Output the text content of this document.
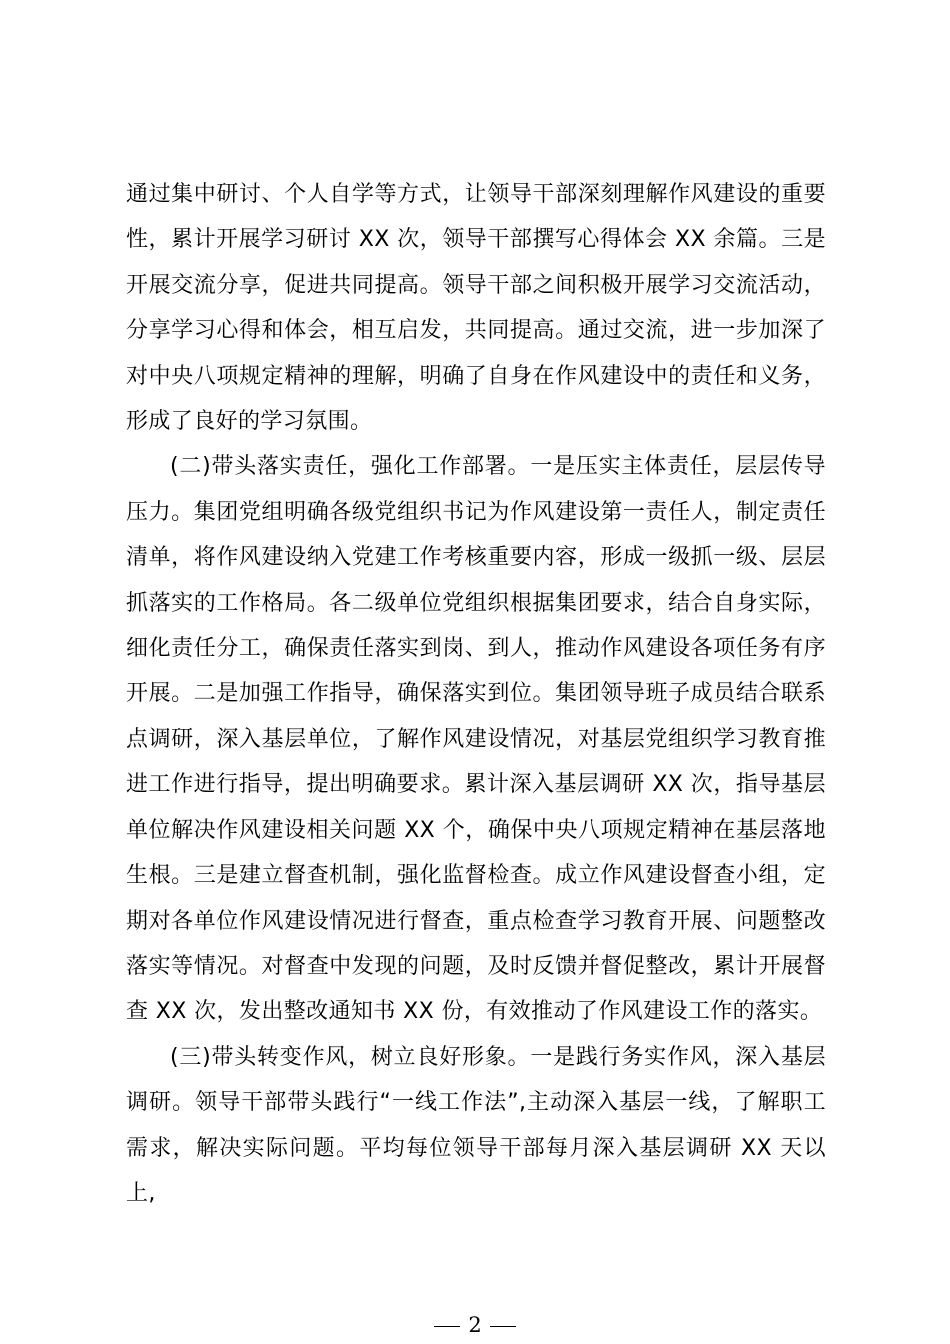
通过集中研讨、个人自学等方式，让领导干部深刻理解作风建设的重要性，累计开展学习研讨 XX 次，领导干部撰写心得体会 XX 余篇。三是开展交流分享，促进共同提高。领导干部之间积极开展学习交流活动，分享学习心得和体会，相互启发，共同提高。通过交流，进一步加深了对中央八项规定精神的理解，明确了自身在作风建设中的责任和义务，形成了良好的学习氛围。

(二)带头落实责任，强化工作部署。一是压实主体责任，层层传导压力。集团党组明确各级党组织书记为作风建设第一责任人，制定责任清单，将作风建设纳入党建工作考核重要内容，形成一级抓一级、层层抓落实的工作格局。各二级单位党组织根据集团要求，结合自身实际，细化责任分工，确保责任落实到岗、到人，推动作风建设各项任务有序开展。二是加强工作指导，确保落实到位。集团领导班子成员结合联系点调研，深入基层单位，了解作风建设情况，对基层党组织学习教育推进工作进行指导，提出明确要求。累计深入基层调研 XX 次，指导基层单位解决作风建设相关问题 XX 个，确保中央八项规定精神在基层落地生根。三是建立督查机制，强化监督检查。成立作风建设督查小组，定期对各单位作风建设情况进行督查，重点检查学习教育开展、问题整改落实等情况。对督查中发现的问题，及时反馈并督促整改，累计开展督查 XX 次，发出整改通知书 XX 份，有效推动了作风建设工作的落实。

(三)带头转变作风，树立良好形象。一是践行务实作风，深入基层调研。领导干部带头践行“一线工作法”,主动深入基层一线，了解职工需求，解决实际问题。平均每位领导干部每月深入基层调研 XX 天以上,

2
